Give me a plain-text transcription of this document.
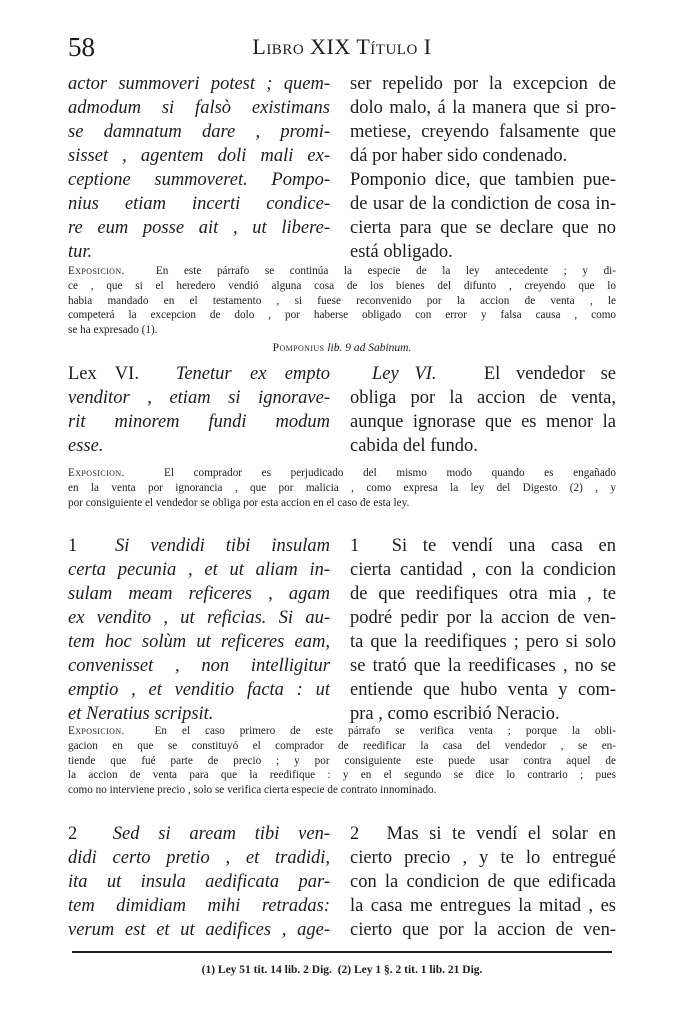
58	Libro XIX Título I
actor summoveri potest ; quem-
admodum si falsò existimans
se damnatum dare , promi-
sisset , agentem doli mali ex-
ceptione summoveret. Pompo-
nius etiam incerti condice-
re eum posse ait , ut libere-
tur.
ser repelido por la excepcion de
dolo malo, á la manera que si pro-
metiese, creyendo falsamente que
dá por haber sido condenado.
Pomponio dice, que tambien pue-
de usar de la condiction de cosa in-
cierta para que se declare que no
está obligado.
Exposicion.	En este párrafo se continúa la especie de la ley antecedente ; y di-
ce , que si el heredero vendió alguna cosa de los bienes del difunto , creyendo que lo
habia mandado en el testamento , si fuese reconvenido por la accion de venta , le
competerá la excepcion de dolo , por haberse obligado con error y falsa causa , como
se ha expresado (1).
Pomponius lib. 9 ad Sabinum.
Lex VI. Tenetur ex empto
venditor , etiam si ignorave-
rit minorem fundi modum
esse.
Ley VI.	El vendedor se
obliga por la accion de venta,
aunque ignorase que es menor la
cabida del fundo.
Exposicion.	El comprador es perjudicado del mismo modo quando es engañado
en la venta por ignorancia , que por malicia , como expresa la ley del Digesto (2) , y
por consiguiente el vendedor se obliga por esta accion en el caso de esta ley.
1 Si vendidi tibi insulam
certa pecunia , et ut aliam in-
sulam meam reficeres , agam
ex vendito , ut reficias. Si au-
tem hoc solùm ut reficeres eam,
convenisset , non intelligitur
emptio , et venditio facta : ut
et Neratius scripsit.
1 Si te vendí una casa en
cierta cantidad , con la condicion
de que reedifiques otra mia , te
podré pedir por la accion de ven-
ta que la reedifiques ; pero si solo
se trató que la reedificases , no se
entiende que hubo venta y com-
pra , como escribió Neracio.
Exposicion.	En el caso primero de este párrafo se verifica venta ; porque la obli-
gacion en que se constituyó el comprador de reedificar la casa del vendedor , se en-
tiende que fué parte de precio ; y por consiguiente este puede usar contra aquel de
la accion de venta para que la reedifique : y en el segundo se dice lo contrario ; pues
como no interviene precio , solo se verifica cierta especie de contrato innominado.
2 Sed si aream tibi ven-
didi certo pretio , et tradidi,
ita ut insula aedificata par-
tem dimidiam mihi retradas:
verum est et ut aedifices , age-
2 Mas si te vendí el solar en
cierto precio , y te lo entregué
con la condicion de que edificada
la casa me entregues la mitad , es
cierto que por la accion de ven-
(1) Ley 51 tit. 14 lib. 2 Dig. (2) Ley 1 §. 2 tit. 1 lib. 21 Dig.
